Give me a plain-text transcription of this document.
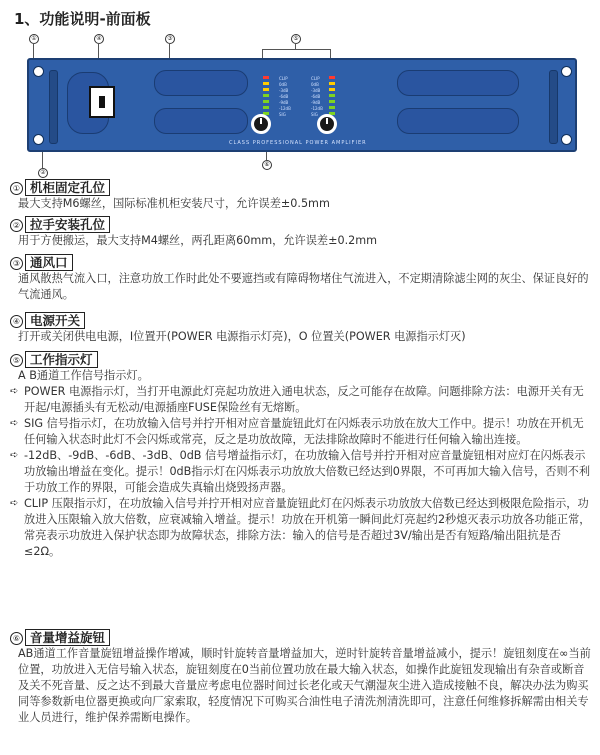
1、功能说明-前面板
①	④	③	⑤
②
⑥
CLIP
0dB
-3dB
-6dB
-9dB
-12dB
SIG
CLIP
0dB
-3dB
-6dB
-9dB
-12dB
SIG
CLASS PROFESSIONAL POWER AMPLIFIER
① 机柜固定孔位
最大支持M6螺丝，国际标准机柜安装尺寸，允许误差±0.5mm
② 拉手安装孔位
用于方便搬运，最大支持M4螺丝，两孔距离60mm，允许误差±0.2mm
③ 通风口
通风散热气流入口，注意功放工作时此处不要遮挡或有障碍物堵住气流进入，不定期清除滤尘网的灰尘、保证良好的气流通风。
④ 电源开关
打开或关闭供电电源，Ⅰ位置开(POWER 电源指示灯亮)，O 位置关(POWER 电源指示灯灭)
⑤ 工作指示灯
A B通道工作信号指示灯。
➪ POWER 电源指示灯，当打开电源此灯亮起功放进入通电状态，反之可能存在故障。问题排除方法：电源开关有无开起/电源插头有无松动/电源插座FUSE保险丝有无熔断。
➪ SIG 信号指示灯，在功放输入信号并拧开相对应音量旋钮此灯在闪烁表示功放在放大工作中。提示！功放在开机无任何输入状态时此灯不会闪烁或常亮，反之是功放故障，无法排除故障时不能进行任何输入输出连接。
➪ -12dB、-9dB、-6dB、-3dB、0dB 信号增益指示灯，在功放输入信号并拧开相对应音量旋钮相对应灯在闪烁表示功放输出增益在变化。提示！0dB指示灯在闪烁表示功放放大倍数已经达到0界限，不可再加大输入信号，否则不利于功放工作的界限，可能会造成失真输出烧毁扬声器。
➪ CLIP 压限指示灯，在功放输入信号并拧开相对应音量旋钮此灯在闪烁表示功放放大倍数已经达到极限危险指示，功放进入压限输入放大倍数，应衰减输入增益。提示！功放在开机第一瞬间此灯亮起约2秒熄灭表示功放各功能正常，常亮表示功放进入保护状态即为故障状态，排除方法：输入的信号是否超过3V/输出是否有短路/输出阻抗是否≤2Ω。
⑥ 音量增益旋钮
AB通道工作音量旋钮增益操作增减，顺时针旋转音量增益加大，逆时针旋转音量增益减小，提示！旋钮刻度在∞当前位置，功放进入无信号输入状态，旋钮刻度在0当前位置功放在最大输入状态，如操作此旋钮发现输出有杂音或断音及关不死音量、反之达不到最大音量应考虑电位器时间过长老化或天气潮湿灰尘进入造成接触不良，解决办法为购买同等参数新电位器更换或向厂家索取，轻度情况下可购买合油性电子清洗剂清洗即可，注意任何维修拆解需由相关专业人员进行，维护保养需断电操作。
